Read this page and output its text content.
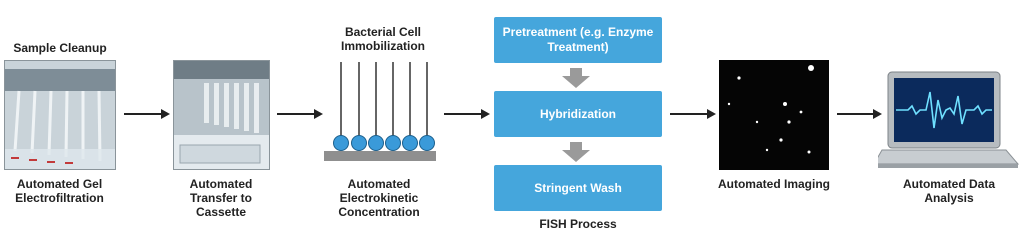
Sample Cleanup
Automated Gel Electrofiltration
Automated Transfer to Cassette
Bacterial Cell Immobilization
Automated Electrokinetic Concentration
Pretreatment (e.g. Enzyme Treatment)
Hybridization
Stringent Wash
FISH Process
Automated Imaging	Automated Data Analysis
